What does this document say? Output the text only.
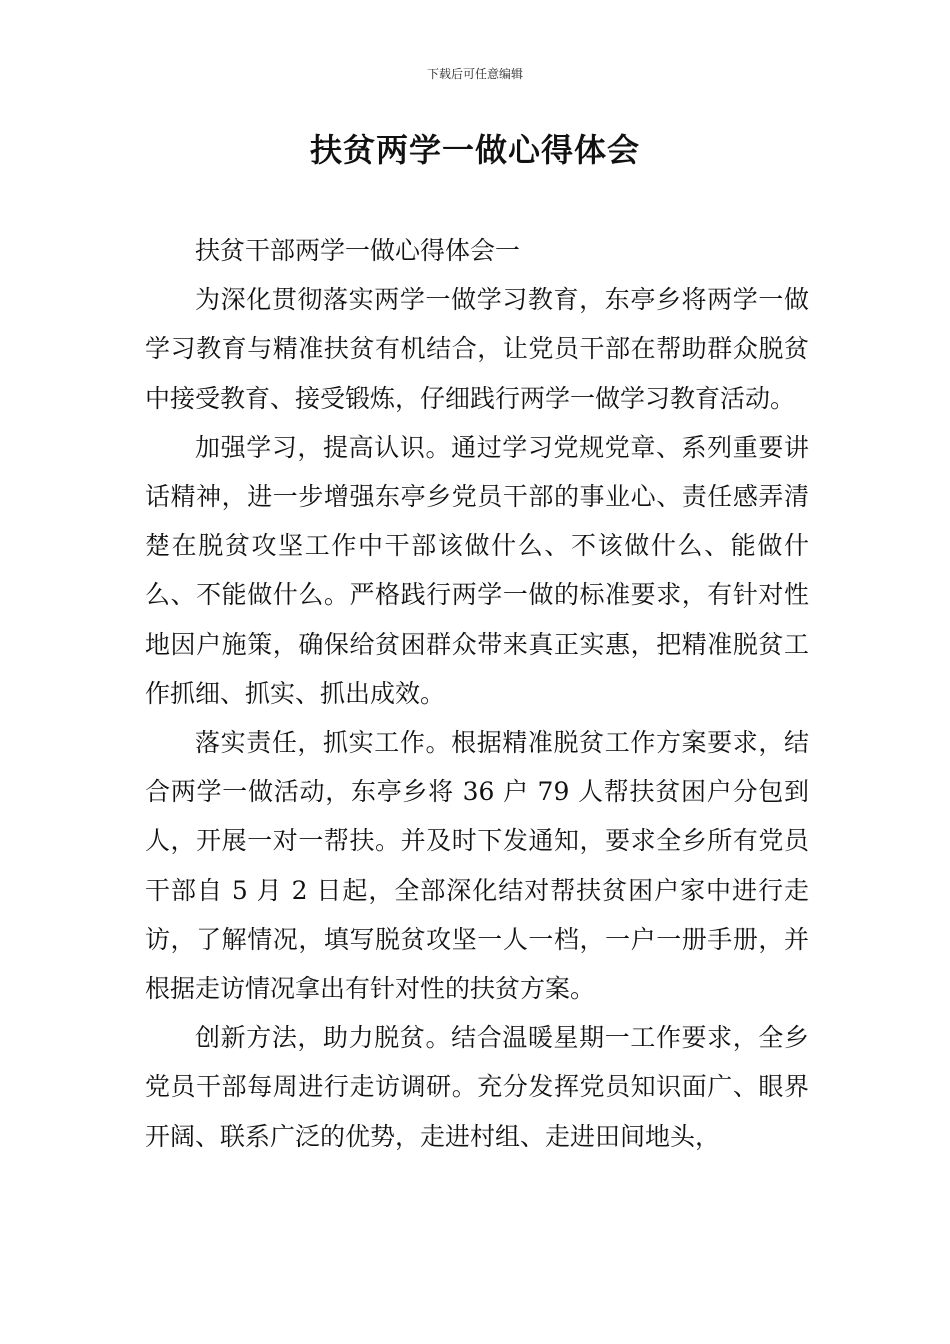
下载后可任意编辑
扶贫两学一做心得体会

扶贫干部两学一做心得体会一

为深化贯彻落实两学一做学习教育，东亭乡将两学一做学习教育与精准扶贫有机结合，让党员干部在帮助群众脱贫中接受教育、接受锻炼，仔细践行两学一做学习教育活动。

加强学习，提高认识。通过学习党规党章、系列重要讲话精神，进一步增强东亭乡党员干部的事业心、责任感弄清楚在脱贫攻坚工作中干部该做什么、不该做什么、能做什么、不能做什么。严格践行两学一做的标准要求，有针对性地因户施策，确保给贫困群众带来真正实惠，把精准脱贫工作抓细、抓实、抓出成效。

落实责任，抓实工作。根据精准脱贫工作方案要求，结合两学一做活动，东亭乡将 36 户 79 人帮扶贫困户分包到人，开展一对一帮扶。并及时下发通知，要求全乡所有党员干部自 5 月 2 日起，全部深化结对帮扶贫困户家中进行走访，了解情况，填写脱贫攻坚一人一档，一户一册手册，并根据走访情况拿出有针对性的扶贫方案。

创新方法，助力脱贫。结合温暖星期一工作要求，全乡党员干部每周进行走访调研。充分发挥党员知识面广、眼界开阔、联系广泛的优势，走进村组、走进田间地头，
